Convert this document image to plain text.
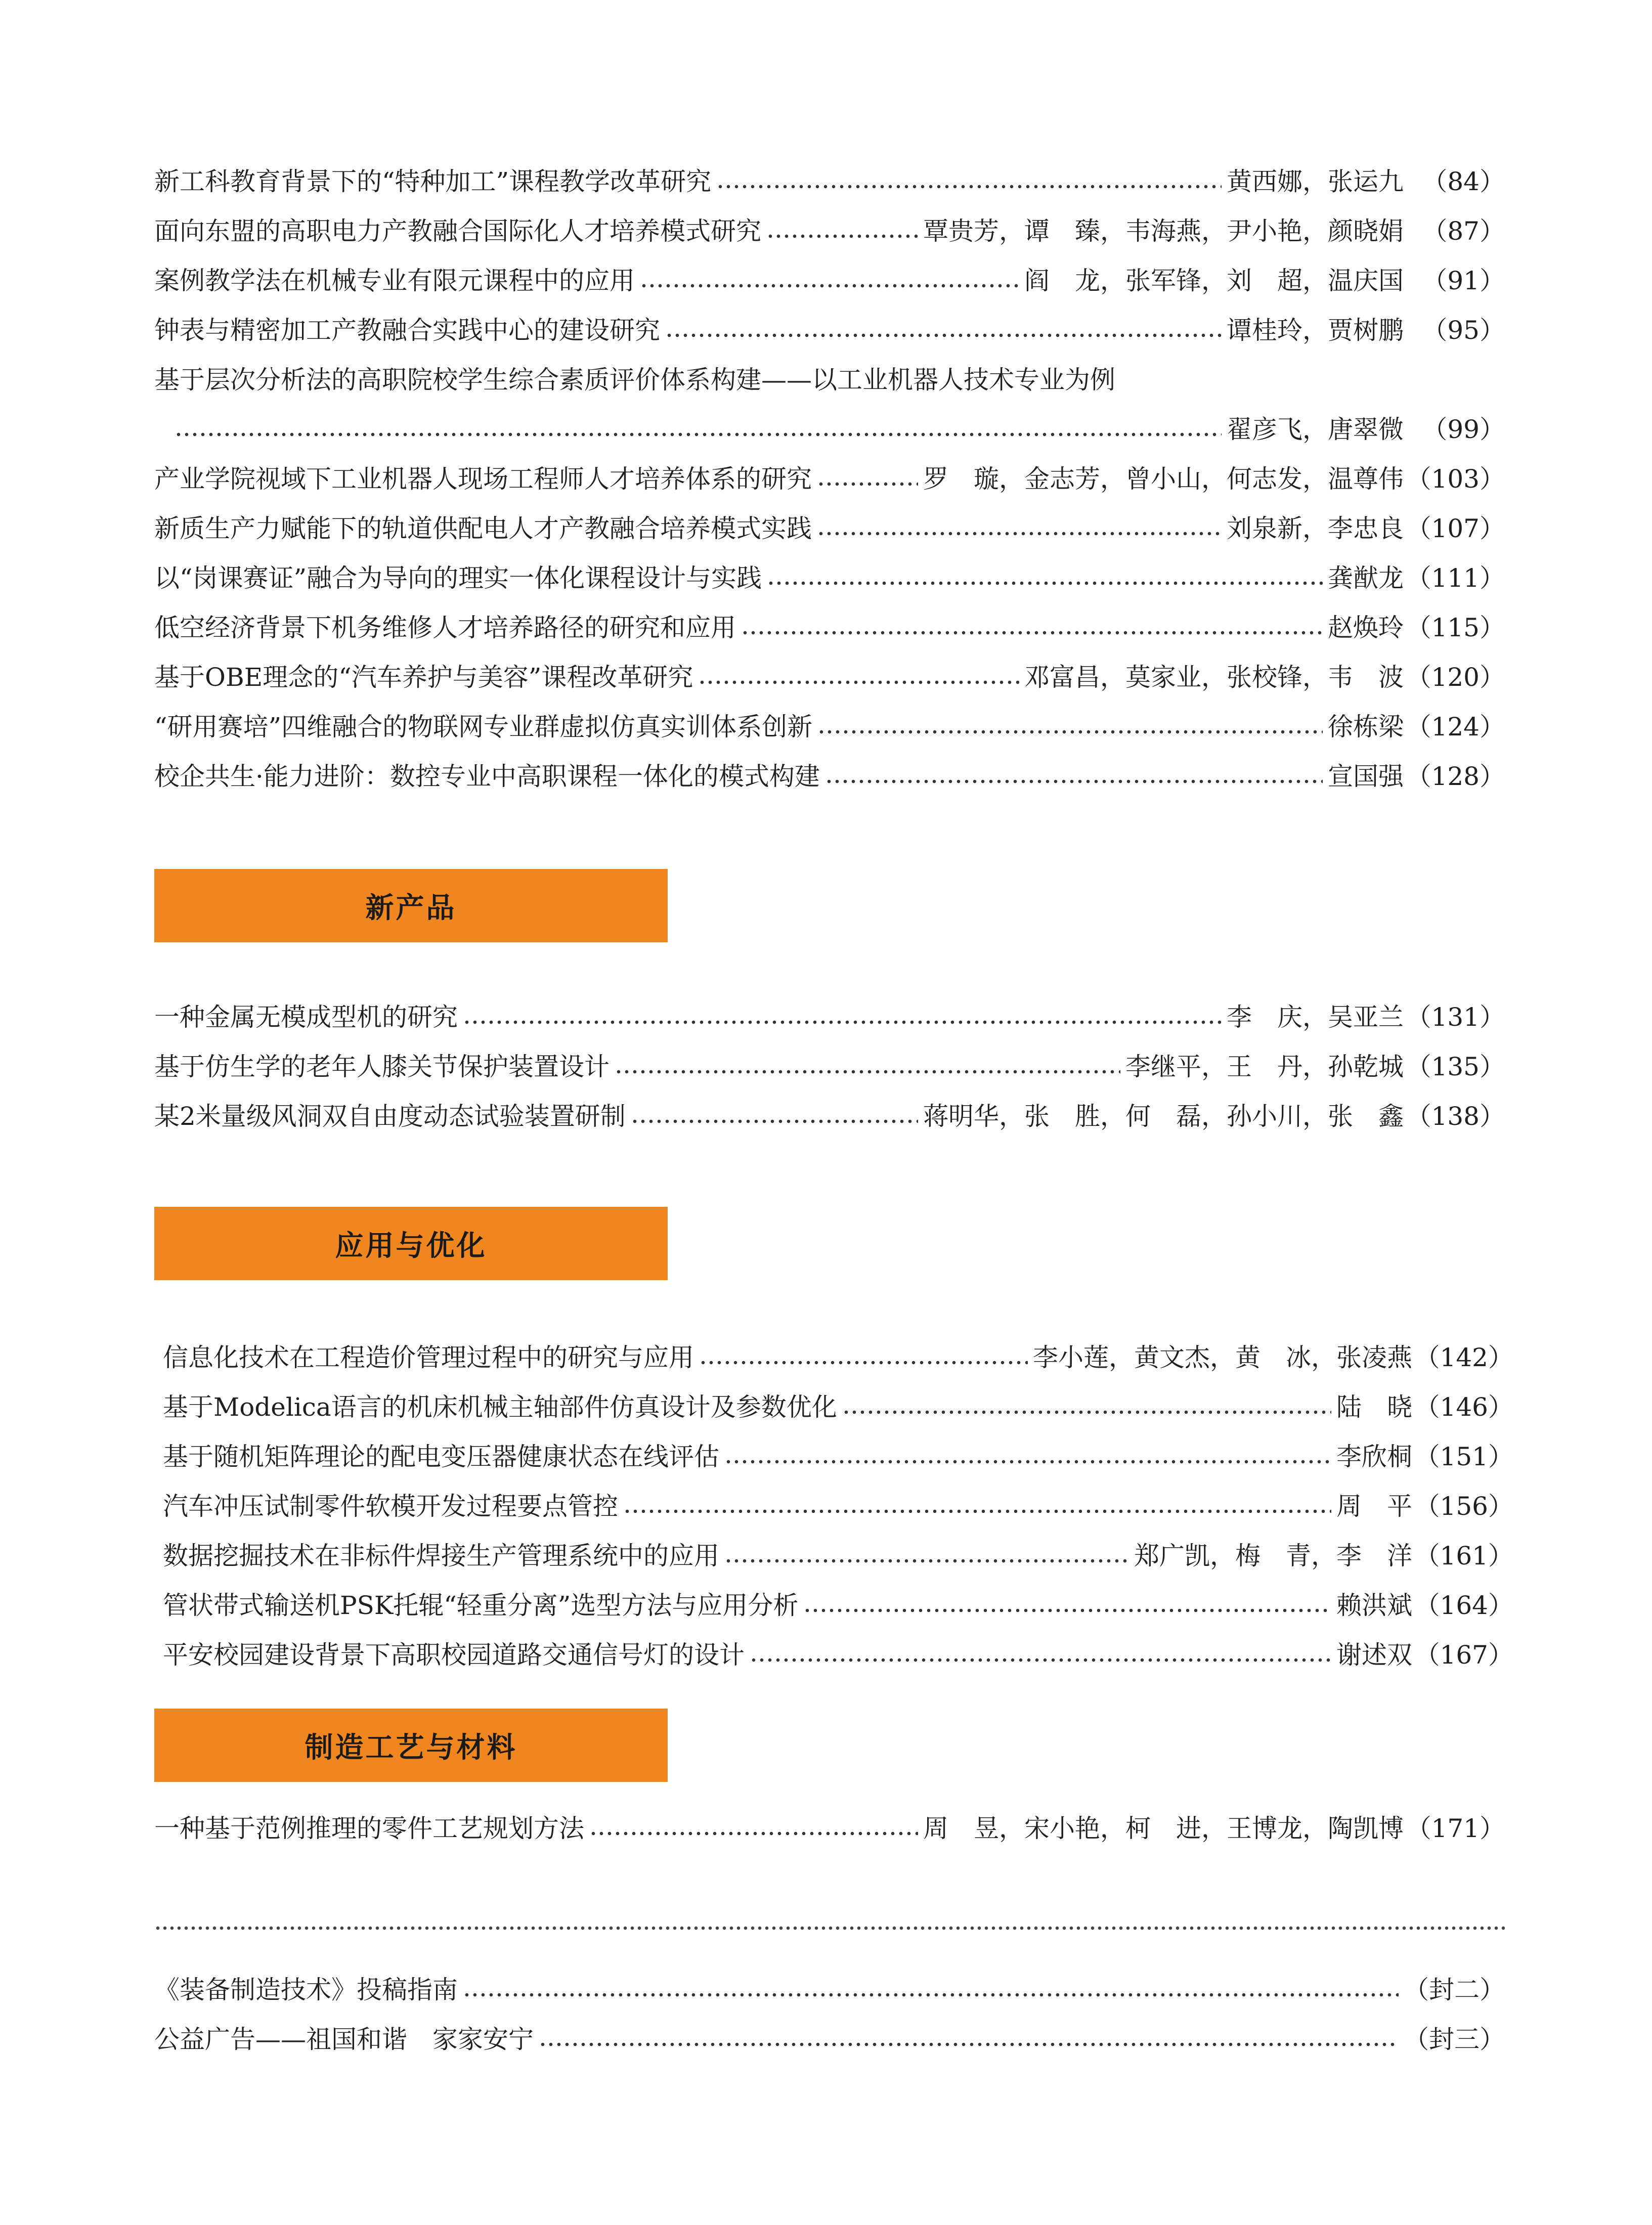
新工科教育背景下的“特种加工”课程教学改革研究	黄西娜，张运九 （84）
面向东盟的高职电力产教融合国际化人才培养模式研究	覃贵芳，谭　臻，韦海燕，尹小艳，颜晓娟 （87）
案例教学法在机械专业有限元课程中的应用	阎　龙，张军锋，刘　超，温庆国 （91）
钟表与精密加工产教融合实践中心的建设研究	谭桂玲，贾树鹏 （95）
基于层次分析法的高职院校学生综合素质评价体系构建——以工业机器人技术专业为例
翟彦飞，唐翠微 （99）
产业学院视域下工业机器人现场工程师人才培养体系的研究	罗　璇，金志芳，曾小山，何志发，温尊伟 （103）
新质生产力赋能下的轨道供配电人才产教融合培养模式实践	刘泉新，李忠良 （107）
以“岗课赛证”融合为导向的理实一体化课程设计与实践	龚猷龙 （111）
低空经济背景下机务维修人才培养路径的研究和应用	赵焕玲 （115）
基于OBE理念的“汽车养护与美容”课程改革研究	邓富昌，莫家业，张校锋，韦　波 （120）
“研用赛培”四维融合的物联网专业群虚拟仿真实训体系创新	徐栋梁 （124）
校企共生·能力进阶：数控专业中高职课程一体化的模式构建	宣国强 （128）
新产品
一种金属无模成型机的研究	李　庆，吴亚兰 （131）
基于仿生学的老年人膝关节保护装置设计	李继平，王　丹，孙乾城 （135）
某2米量级风洞双自由度动态试验装置研制	蒋明华，张　胜，何　磊，孙小川，张　鑫 （138）
应用与优化
信息化技术在工程造价管理过程中的研究与应用	李小莲，黄文杰，黄　冰，张凌燕 （142）
基于Modelica语言的机床机械主轴部件仿真设计及参数优化	陆　晓 （146）
基于随机矩阵理论的配电变压器健康状态在线评估	李欣桐 （151）
汽车冲压试制零件软模开发过程要点管控	周　平 （156）
数据挖掘技术在非标件焊接生产管理系统中的应用	郑广凯，梅　青，李　洋 （161）
管状带式输送机PSK托辊“轻重分离”选型方法与应用分析	赖洪斌 （164）
平安校园建设背景下高职校园道路交通信号灯的设计	谢述双 （167）
制造工艺与材料
一种基于范例推理的零件工艺规划方法	周　昱，宋小艳，柯　进，王博龙，陶凯博 （171）
《装备制造技术》投稿指南	（封二）
公益广告——祖国和谐　家家安宁	（封三）
